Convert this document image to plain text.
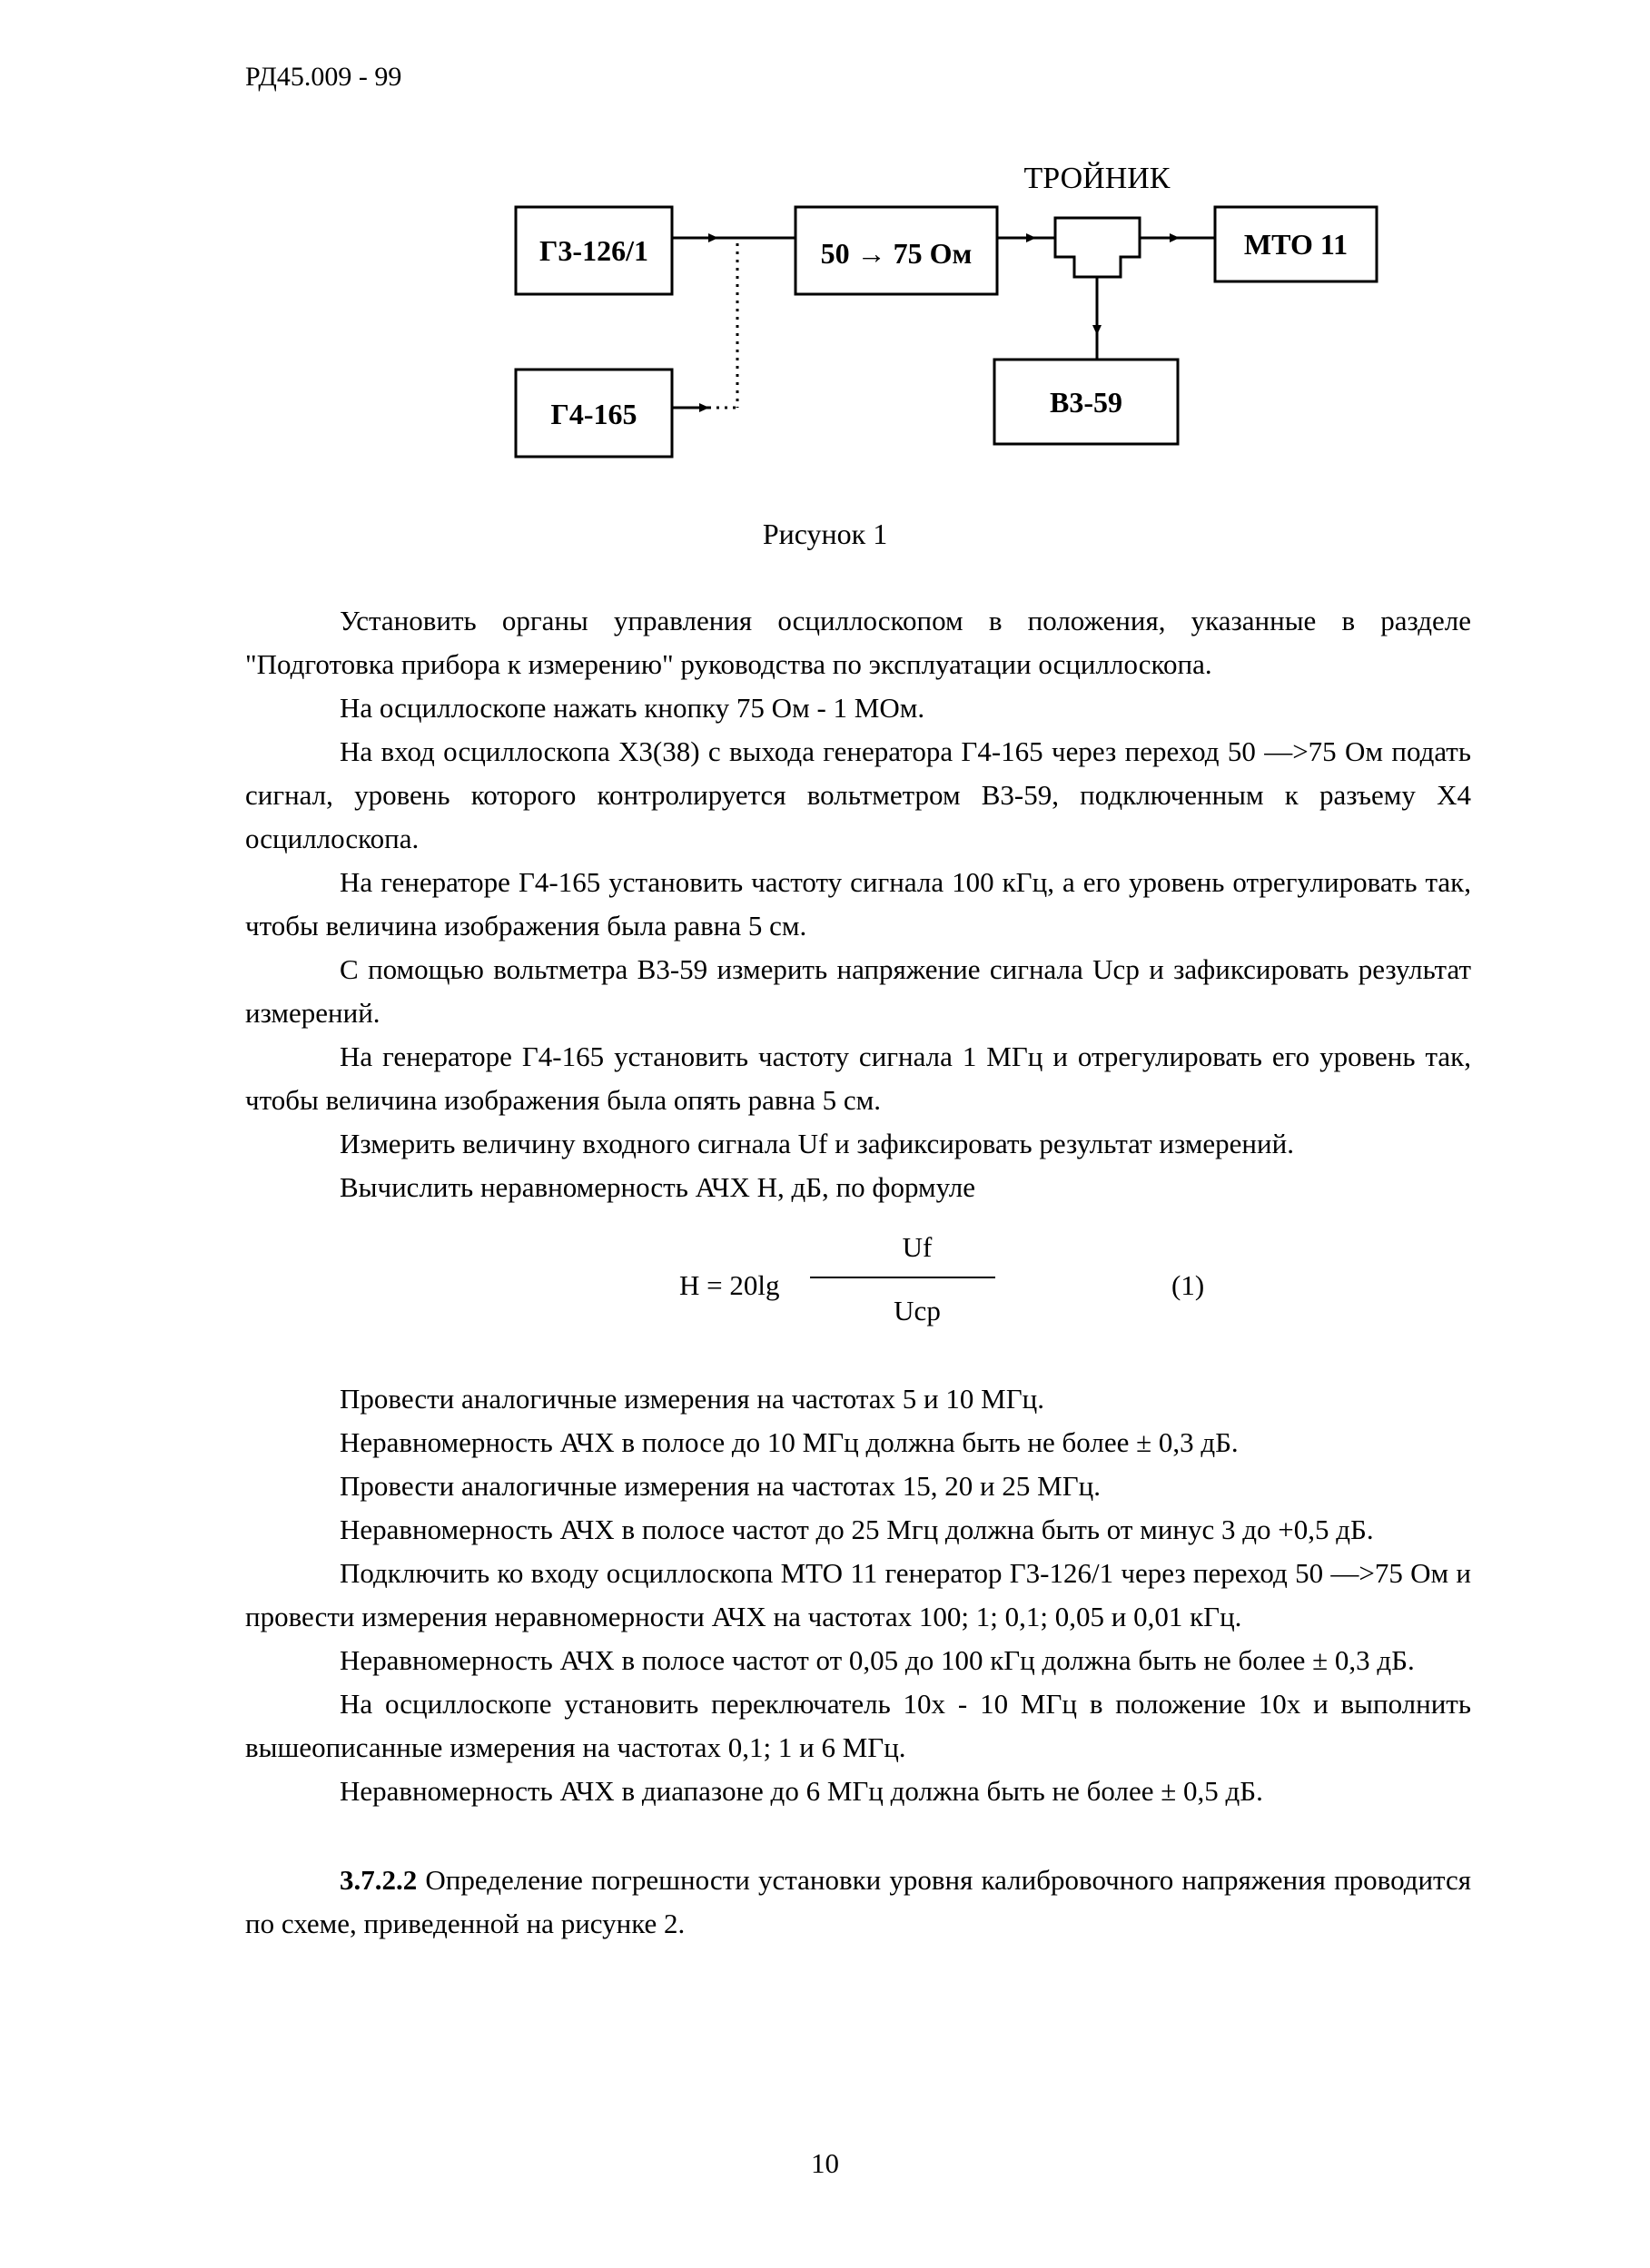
РД45.009 - 99
ТРОЙНИК
Г3-126/1
Г4-165
50 → 75 Ом	МТО 11
В3-59
Рисунок 1

Установить органы управления осциллоскопом в положения, указанные в разделе "Подготовка прибора к измерению" руководства по эксплуатации осциллоскопа.

На осциллоскопе нажать кнопку 75 Ом - 1 МОм.

На вход осциллоскопа Х3(38) с выхода генератора Г4-165 через переход 50 —>75 Ом подать сигнал, уровень которого контролируется вольтметром В3-59, подключенным к разъему Х4 осциллоскопа.

На генераторе Г4-165 установить частоту сигнала 100 кГц, а его уровень отрегулировать так, чтобы величина изображения была равна 5 см.

С помощью вольтметра В3-59 измерить напряжение сигнала Ucp и зафиксировать результат измерений.

На генераторе Г4-165 установить частоту сигнала 1 МГц и отрегулировать его уровень так, чтобы величина изображения была опять равна 5 см.

Измерить величину входного сигнала Uf и зафиксировать результат измерений.

Вычислить неравномерность АЧХ Н, дБ, по формуле

H = 20lg
Uf
Ucp
(1)

Провести аналогичные измерения на частотах 5 и 10 МГц.

Неравномерность АЧХ в полосе до 10 МГц должна быть не более ± 0,3 дБ.

Провести аналогичные измерения на частотах 15, 20 и 25 МГц.

Неравномерность АЧХ в полосе частот до 25 Мгц должна быть от минус 3 до +0,5 дБ.

Подключить ко входу осциллоскопа МТО 11 генератор Г3-126/1 через переход 50 —>75 Ом и провести измерения неравномерности АЧХ на частотах 100; 1; 0,1; 0,05 и 0,01 кГц.

Неравномерность АЧХ в полосе частот от 0,05 до 100 кГц должна быть не более ± 0,3 дБ.

На осциллоскопе установить переключатель 10х - 10 МГц в положение 10х и выполнить вышеописанные измерения на частотах 0,1; 1 и 6 МГц.

Неравномерность АЧХ в диапазоне до 6 МГц должна быть не более ± 0,5 дБ.

3.7.2.2 Определение погрешности установки уровня калибровочного напряжения проводится по схеме, приведенной на рисунке 2.

10
